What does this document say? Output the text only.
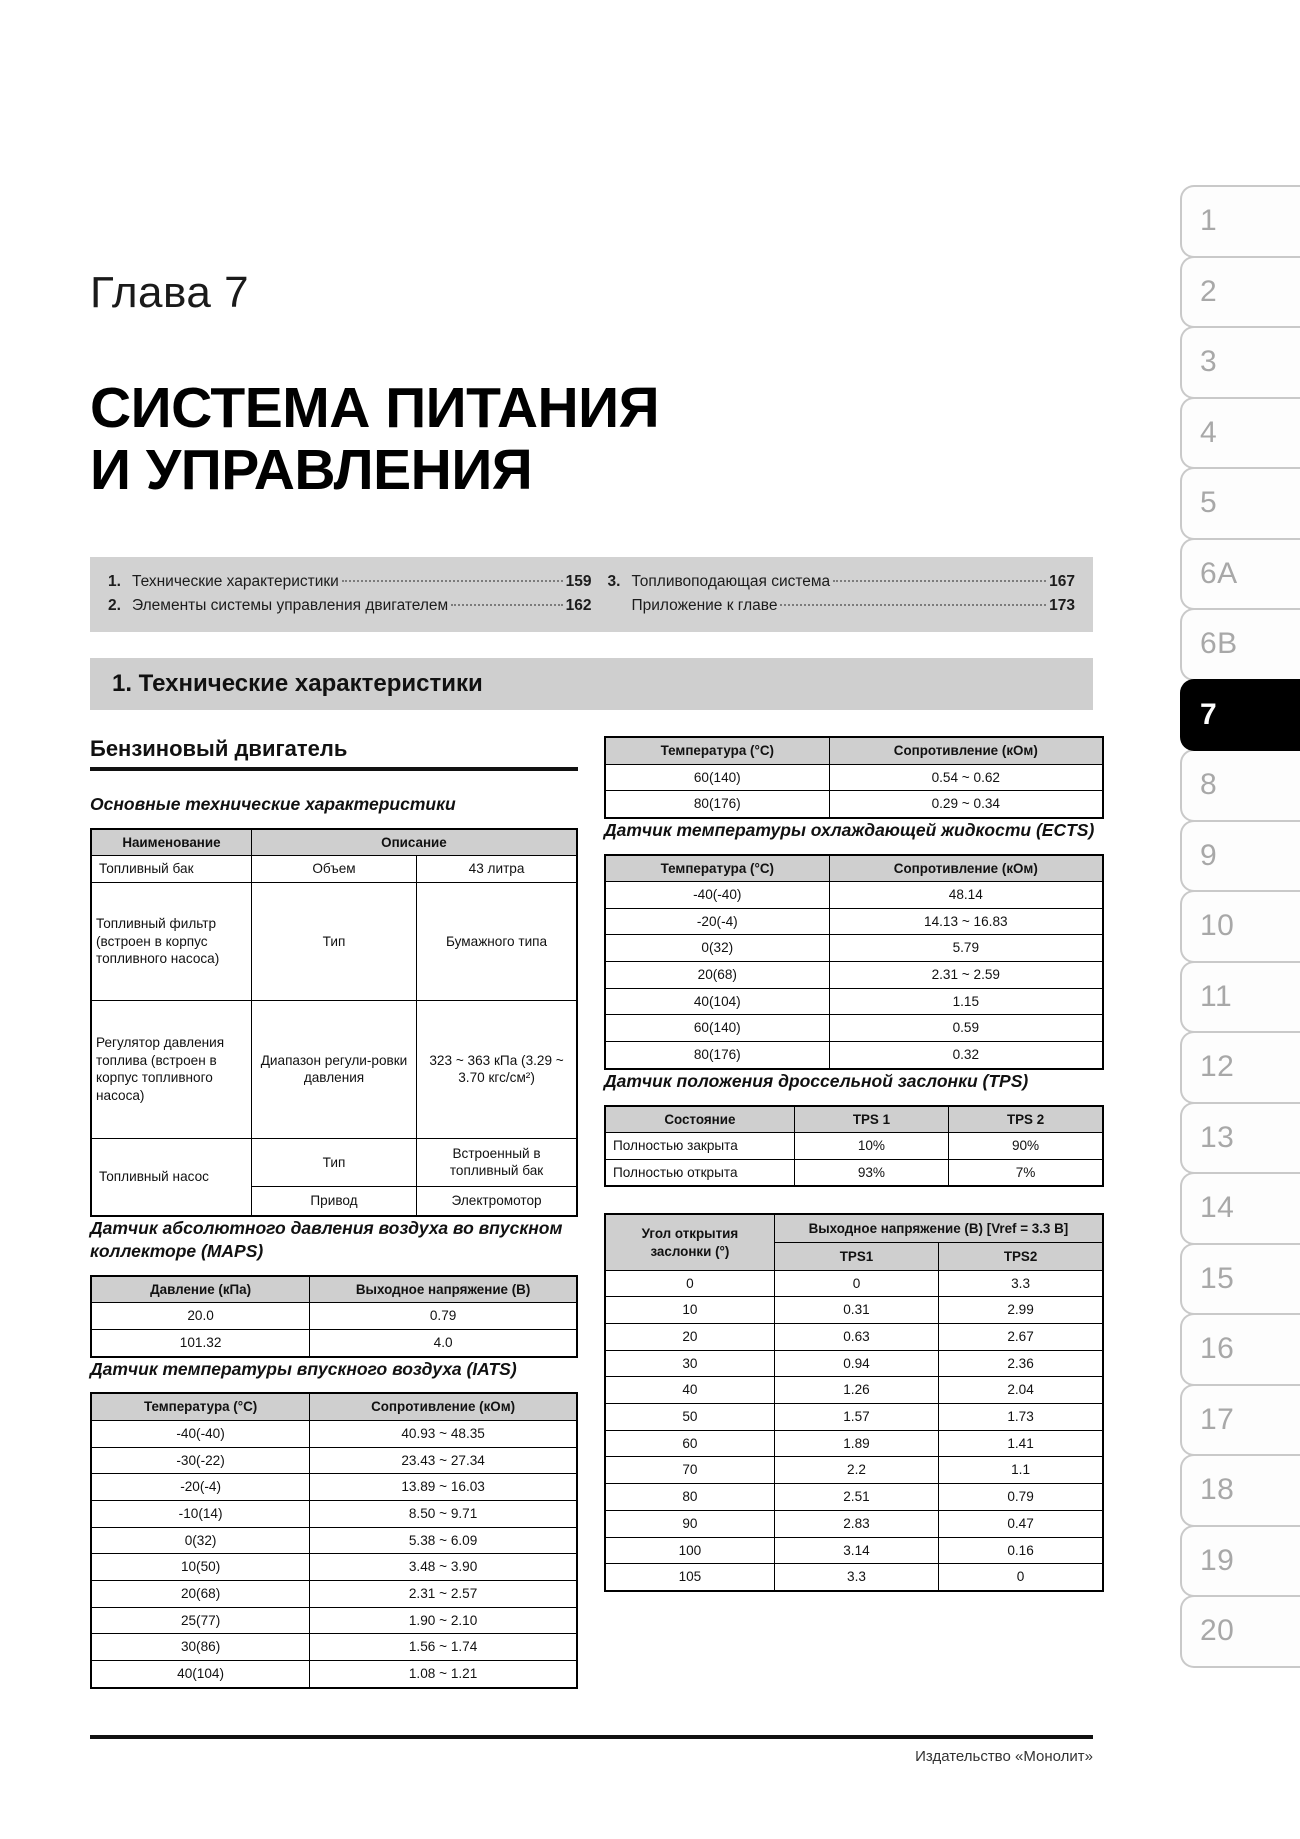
1
2
3
4
5
6A
6B
7
8
9
10
11
12
13
14
15
16
17
18
19
20
Глава 7
СИСТЕМА ПИТАНИЯ
И УПРАВЛЕНИЯ
1. Технические характеристики	159
2. Элементы системы управления двигателем	162
3. Топливоподающая система	167
Приложение к главе	173
1. Технические характеристики
Бензиновый двигатель
Основные технические характеристики
Наименование	Описание	
Топливный бак	Объем	43 литра
Топливный фильтр (встроен в корпус топливного насоса)	Тип	Бумажного типа
Регулятор давления топлива (встроен в корпус топливного насоса)	Диапазон регули-ровки давления	323 ~ 363 кПа (3.29 ~ 3.70 кгс/см²)
Топливный насос	Тип	Встроенный в топливный бак
	Привод	Электромотор
Датчик абсолютного давления воздуха во впускном коллекторе (MAPS)
Давление (кПа)	Выходное напряжение (В)
20.0	0.79
101.32	4.0
Датчик температуры впускного воздуха (IATS)
Температура (°C)	Сопротивление (кОм)
-40(-40)	40.93 ~ 48.35
-30(-22)	23.43 ~ 27.34
-20(-4)	13.89 ~ 16.03
-10(14)	8.50 ~ 9.71
0(32)	5.38 ~ 6.09
10(50)	3.48 ~ 3.90
20(68)	2.31 ~ 2.57
25(77)	1.90 ~ 2.10
30(86)	1.56 ~ 1.74
40(104)	1.08 ~ 1.21
Температура (°C)	Сопротивление (кОм)
60(140)	0.54 ~ 0.62
80(176)	0.29 ~ 0.34
Датчик температуры охлаждающей жидкости (ECTS)
Температура (°C)	Сопротивление (кОм)
-40(-40)	48.14
-20(-4)	14.13 ~ 16.83
0(32)	5.79
20(68)	2.31 ~ 2.59
40(104)	1.15
60(140)	0.59
80(176)	0.32
Датчик положения дроссельной заслонки (TPS)
Состояние	TPS 1	TPS 2
Полностью закрыта	10%	90%
Полностью открыта	93%	7%
Угол открытия заслонки (°)	Выходное напряжение (В) [Vref = 3.3 В]	
	TPS1	TPS2
0	0	3.3
10	0.31	2.99
20	0.63	2.67
30	0.94	2.36
40	1.26	2.04
50	1.57	1.73
60	1.89	1.41
70	2.2	1.1
80	2.51	0.79
90	2.83	0.47
100	3.14	0.16
105	3.3	0
Издательство «Монолит»
